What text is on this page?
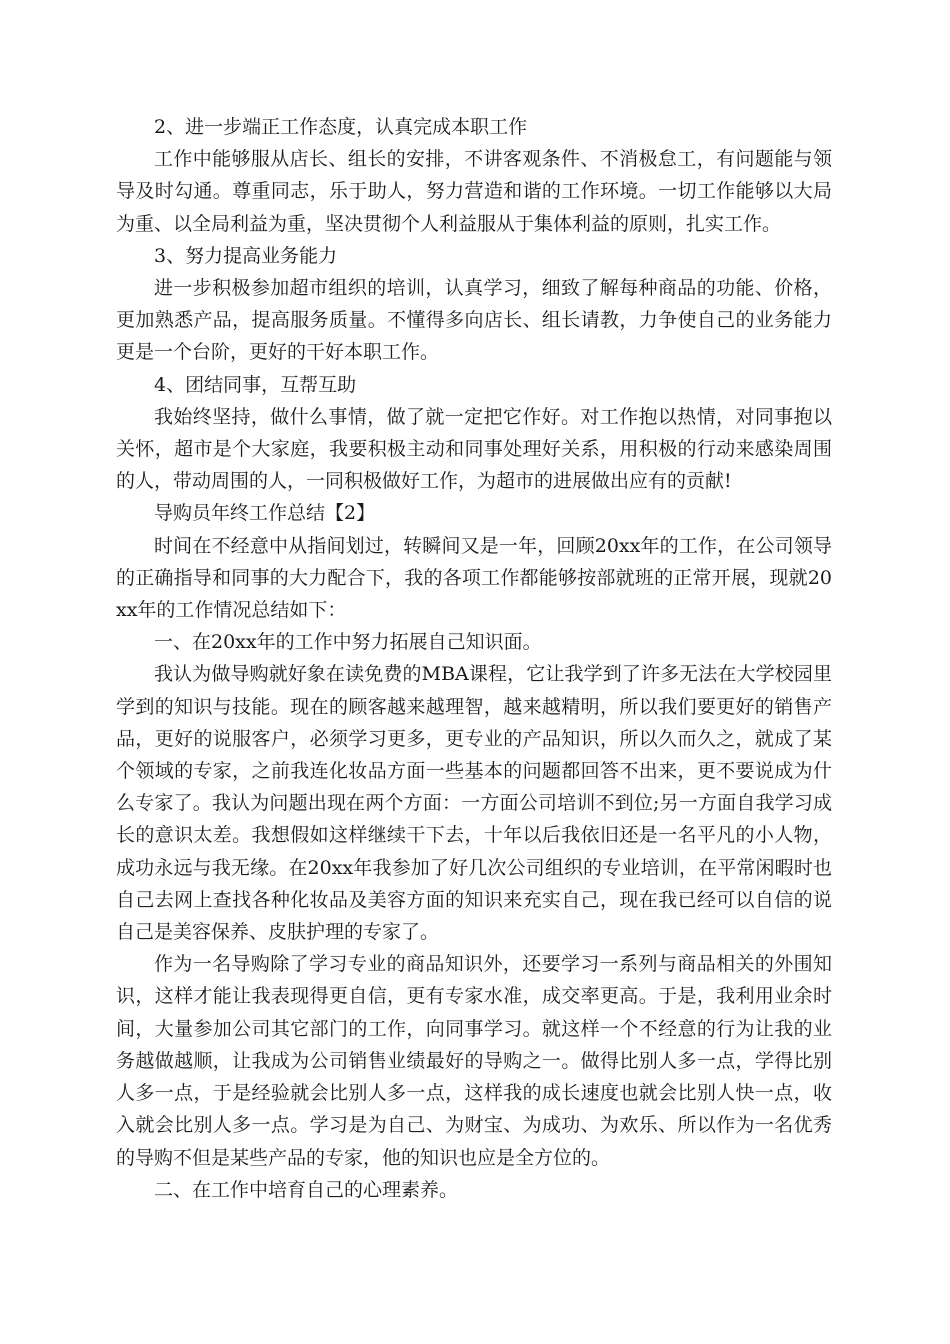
2、进一步端正工作态度，认真完成本职工作

工作中能够服从店长、组长的安排，不讲客观条件、不消极怠工，有问题能与领导及时勾通。尊重同志，乐于助人，努力营造和谐的工作环境。一切工作能够以大局为重、以全局利益为重，坚决贯彻个人利益服从于集体利益的原则，扎实工作。

3、努力提高业务能力

进一步积极参加超市组织的培训，认真学习，细致了解每种商品的功能、价格，更加熟悉产品，提高服务质量。不懂得多向店长、组长请教，力争使自己的业务能力更是一个台阶，更好的干好本职工作。

4、团结同事，互帮互助

我始终坚持，做什么事情，做了就一定把它作好。对工作抱以热情，对同事抱以关怀，超市是个大家庭，我要积极主动和同事处理好关系，用积极的行动来感染周围的人，带动周围的人，一同积极做好工作，为超市的进展做出应有的贡献!

导购员年终工作总结【2】

时间在不经意中从指间划过，转瞬间又是一年，回顾20xx年的工作，在公司领导的正确指导和同事的大力配合下，我的各项工作都能够按部就班的正常开展，现就20xx年的工作情况总结如下：

一、在20xx年的工作中努力拓展自己知识面。

我认为做导购就好象在读免费的MBA课程，它让我学到了许多无法在大学校园里学到的知识与技能。现在的顾客越来越理智，越来越精明，所以我们要更好的销售产品，更好的说服客户，必须学习更多，更专业的产品知识，所以久而久之，就成了某个领域的专家，之前我连化妆品方面一些基本的问题都回答不出来，更不要说成为什么专家了。我认为问题出现在两个方面：一方面公司培训不到位;另一方面自我学习成长的意识太差。我想假如这样继续干下去，十年以后我依旧还是一名平凡的小人物，成功永远与我无缘。在20xx年我参加了好几次公司组织的专业培训，在平常闲暇时也自己去网上查找各种化妆品及美容方面的知识来充实自己，现在我已经可以自信的说自己是美容保养、皮肤护理的专家了。

作为一名导购除了学习专业的商品知识外，还要学习一系列与商品相关的外围知识，这样才能让我表现得更自信，更有专家水准，成交率更高。于是，我利用业余时间，大量参加公司其它部门的工作，向同事学习。就这样一个不经意的行为让我的业务越做越顺，让我成为公司销售业绩最好的导购之一。做得比别人多一点，学得比别人多一点，于是经验就会比别人多一点，这样我的成长速度也就会比别人快一点，收入就会比别人多一点。学习是为自己、为财宝、为成功、为欢乐、所以作为一名优秀的导购不但是某些产品的专家，他的知识也应是全方位的。

二、在工作中培育自己的心理素养。
